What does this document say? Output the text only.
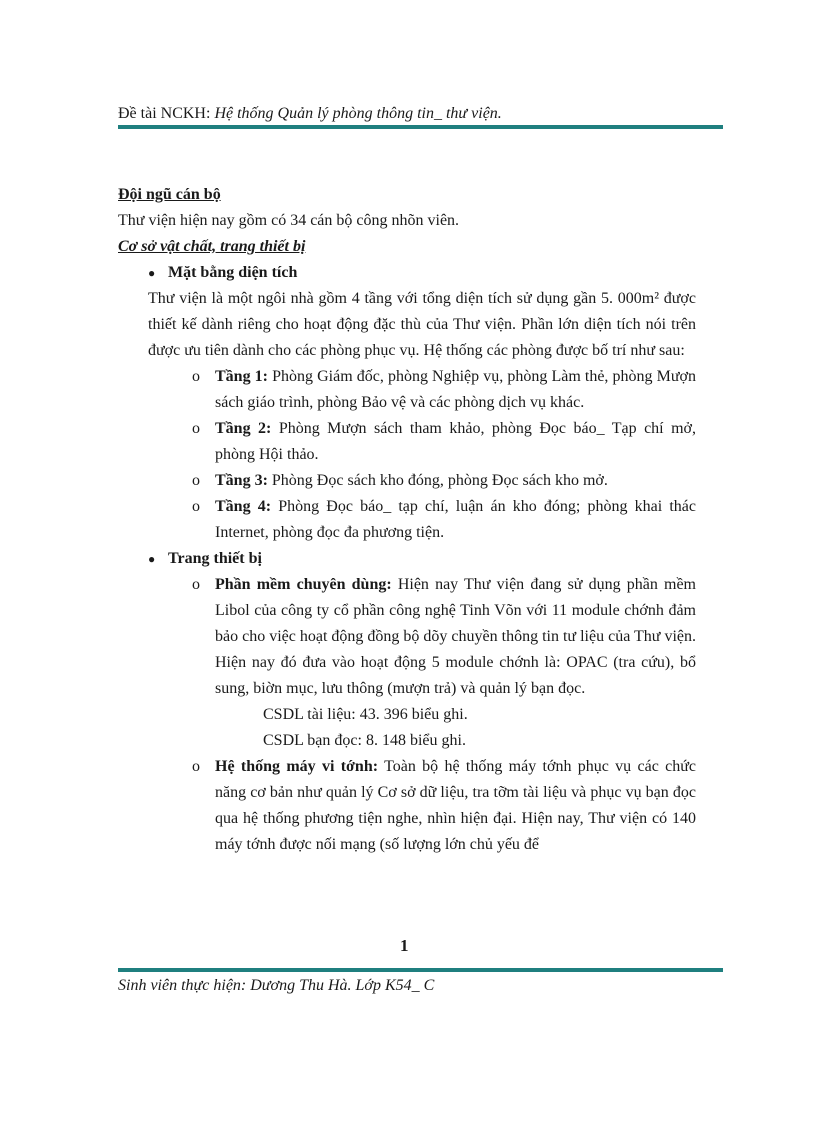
Đề tài NCKH: Hệ thống Quản lý phòng thông tin_ thư viện.

Đội ngũ cán bộ

Thư viện hiện nay gồm có 34 cán bộ công nhõn viên.

Cơ sở vật chất, trang thiết bị

● Mặt bằng diện tích

Thư viện là một ngôi nhà gồm 4 tầng với tổng diện tích sử dụng gần 5. 000m² được thiết kế dành riêng cho hoạt động đặc thù của Thư viện. Phần lớn diện tích nói trên được ưu tiên dành cho các phòng phục vụ. Hệ thống các phòng được bố trí như sau:

o Tầng 1: Phòng Giám đốc, phòng Nghiệp vụ, phòng Làm thẻ, phòng Mượn sách giáo trình, phòng Bảo vệ và các phòng dịch vụ khác.
o Tầng 2: Phòng Mượn sách tham khảo, phòng Đọc báo_ Tạp chí mở, phòng Hội thảo.
o Tầng 3: Phòng Đọc sách kho đóng, phòng Đọc sách kho mở.
o Tầng 4: Phòng Đọc báo_ tạp chí, luận án kho đóng; phòng khai thác Internet, phòng đọc đa phương tiện.
● Trang thiết bị
o Phần mềm chuyên dùng: Hiện nay Thư viện đang sử dụng phần mềm Libol của công ty cổ phần công nghệ Tinh Võn với 11 module chớnh đảm bảo cho việc hoạt động đồng bộ dõy chuyền thông tin tư liệu của Thư viện. Hiện nay đó đưa vào hoạt động 5 module chớnh là: OPAC (tra cứu), bổ sung, biờn mục, lưu thông (mượn trả) và quản lý bạn đọc.

CSDL tài liệu: 43. 396 biểu ghi.

CSDL bạn đọc: 8. 148 biểu ghi.

o Hệ thống máy vi tớnh: Toàn bộ hệ thống máy tớnh phục vụ các chức năng cơ bản như quản lý Cơ sở dữ liệu, tra tỡm tài liệu và phục vụ bạn đọc qua hệ thống phương tiện nghe, nhìn hiện đại. Hiện nay, Thư viện có 140 máy tớnh được nối mạng (số lượng lớn chủ yếu để
1
Sinh viên thực hiện: Dương Thu Hà. Lớp K54_ C
